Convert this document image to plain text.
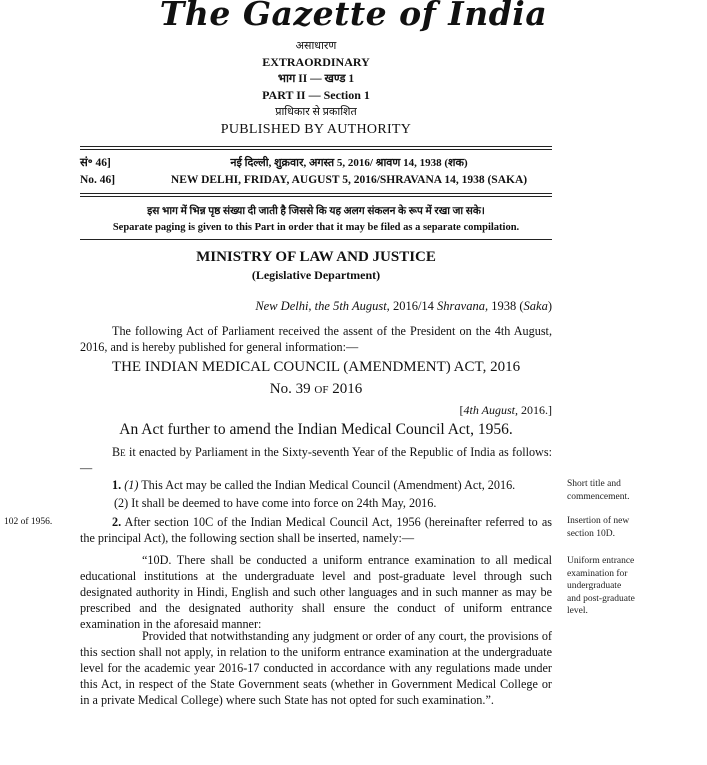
The Gazette of India
असाधारण
EXTRAORDINARY
भाग II — खण्ड 1
PART II — Section 1
प्राधिकार से प्रकाशित
PUBLISHED BY AUTHORITY
सं॰ 46]	नई दिल्ली, शुक्रवार, अगस्त 5, 2016/ श्रावण 14, 1938 (शक)
No. 46]	NEW DELHI, FRIDAY, AUGUST 5, 2016/SHRAVANA 14, 1938 (SAKA)
इस भाग में भिन्न पृष्ठ संख्या दी जाती है जिससे कि यह अलग संकलन के रूप में रखा जा सके।
Separate paging is given to this Part in order that it may be filed as a separate compilation.
MINISTRY OF LAW AND JUSTICE
(Legislative Department)
New Delhi, the 5th August, 2016/14 Shravana, 1938 (Saka)
The following Act of Parliament received the assent of the President on the 4th August, 2016, and is hereby published for general information:—
THE INDIAN MEDICAL COUNCIL (AMENDMENT) ACT, 2016
No. 39 of 2016
[4th August, 2016.]
An Act further to amend the Indian Medical Council Act, 1956.
Be it enacted by Parliament in the Sixty-seventh Year of the Republic of India as follows:—
1. (1) This Act may be called the Indian Medical Council (Amendment) Act, 2016.
(2) It shall be deemed to have come into force on 24th May, 2016.
2. After section 10C of the Indian Medical Council Act, 1956 (hereinafter referred to as the principal Act), the following section shall be inserted, namely:—
“10D. There shall be conducted a uniform entrance examination to all medical educational institutions at the undergraduate level and post-graduate level through such designated authority in Hindi, English and such other languages and in such manner as may be prescribed and the designated authority shall ensure the conduct of uniform entrance examination in the aforesaid manner:
Provided that notwithstanding any judgment or order of any court, the provisions of this section shall not apply, in relation to the uniform entrance examination at the undergraduate level for the academic year 2016-17 conducted in accordance with any regulations made under this Act, in respect of the State Government seats (whether in Government Medical College or in a private Medical College) where such State has not opted for such examination.”.
102 of 1956.
Short title and commencement.
Insertion of new section 10D.
Uniform entrance examination for undergraduate and post-graduate level.
